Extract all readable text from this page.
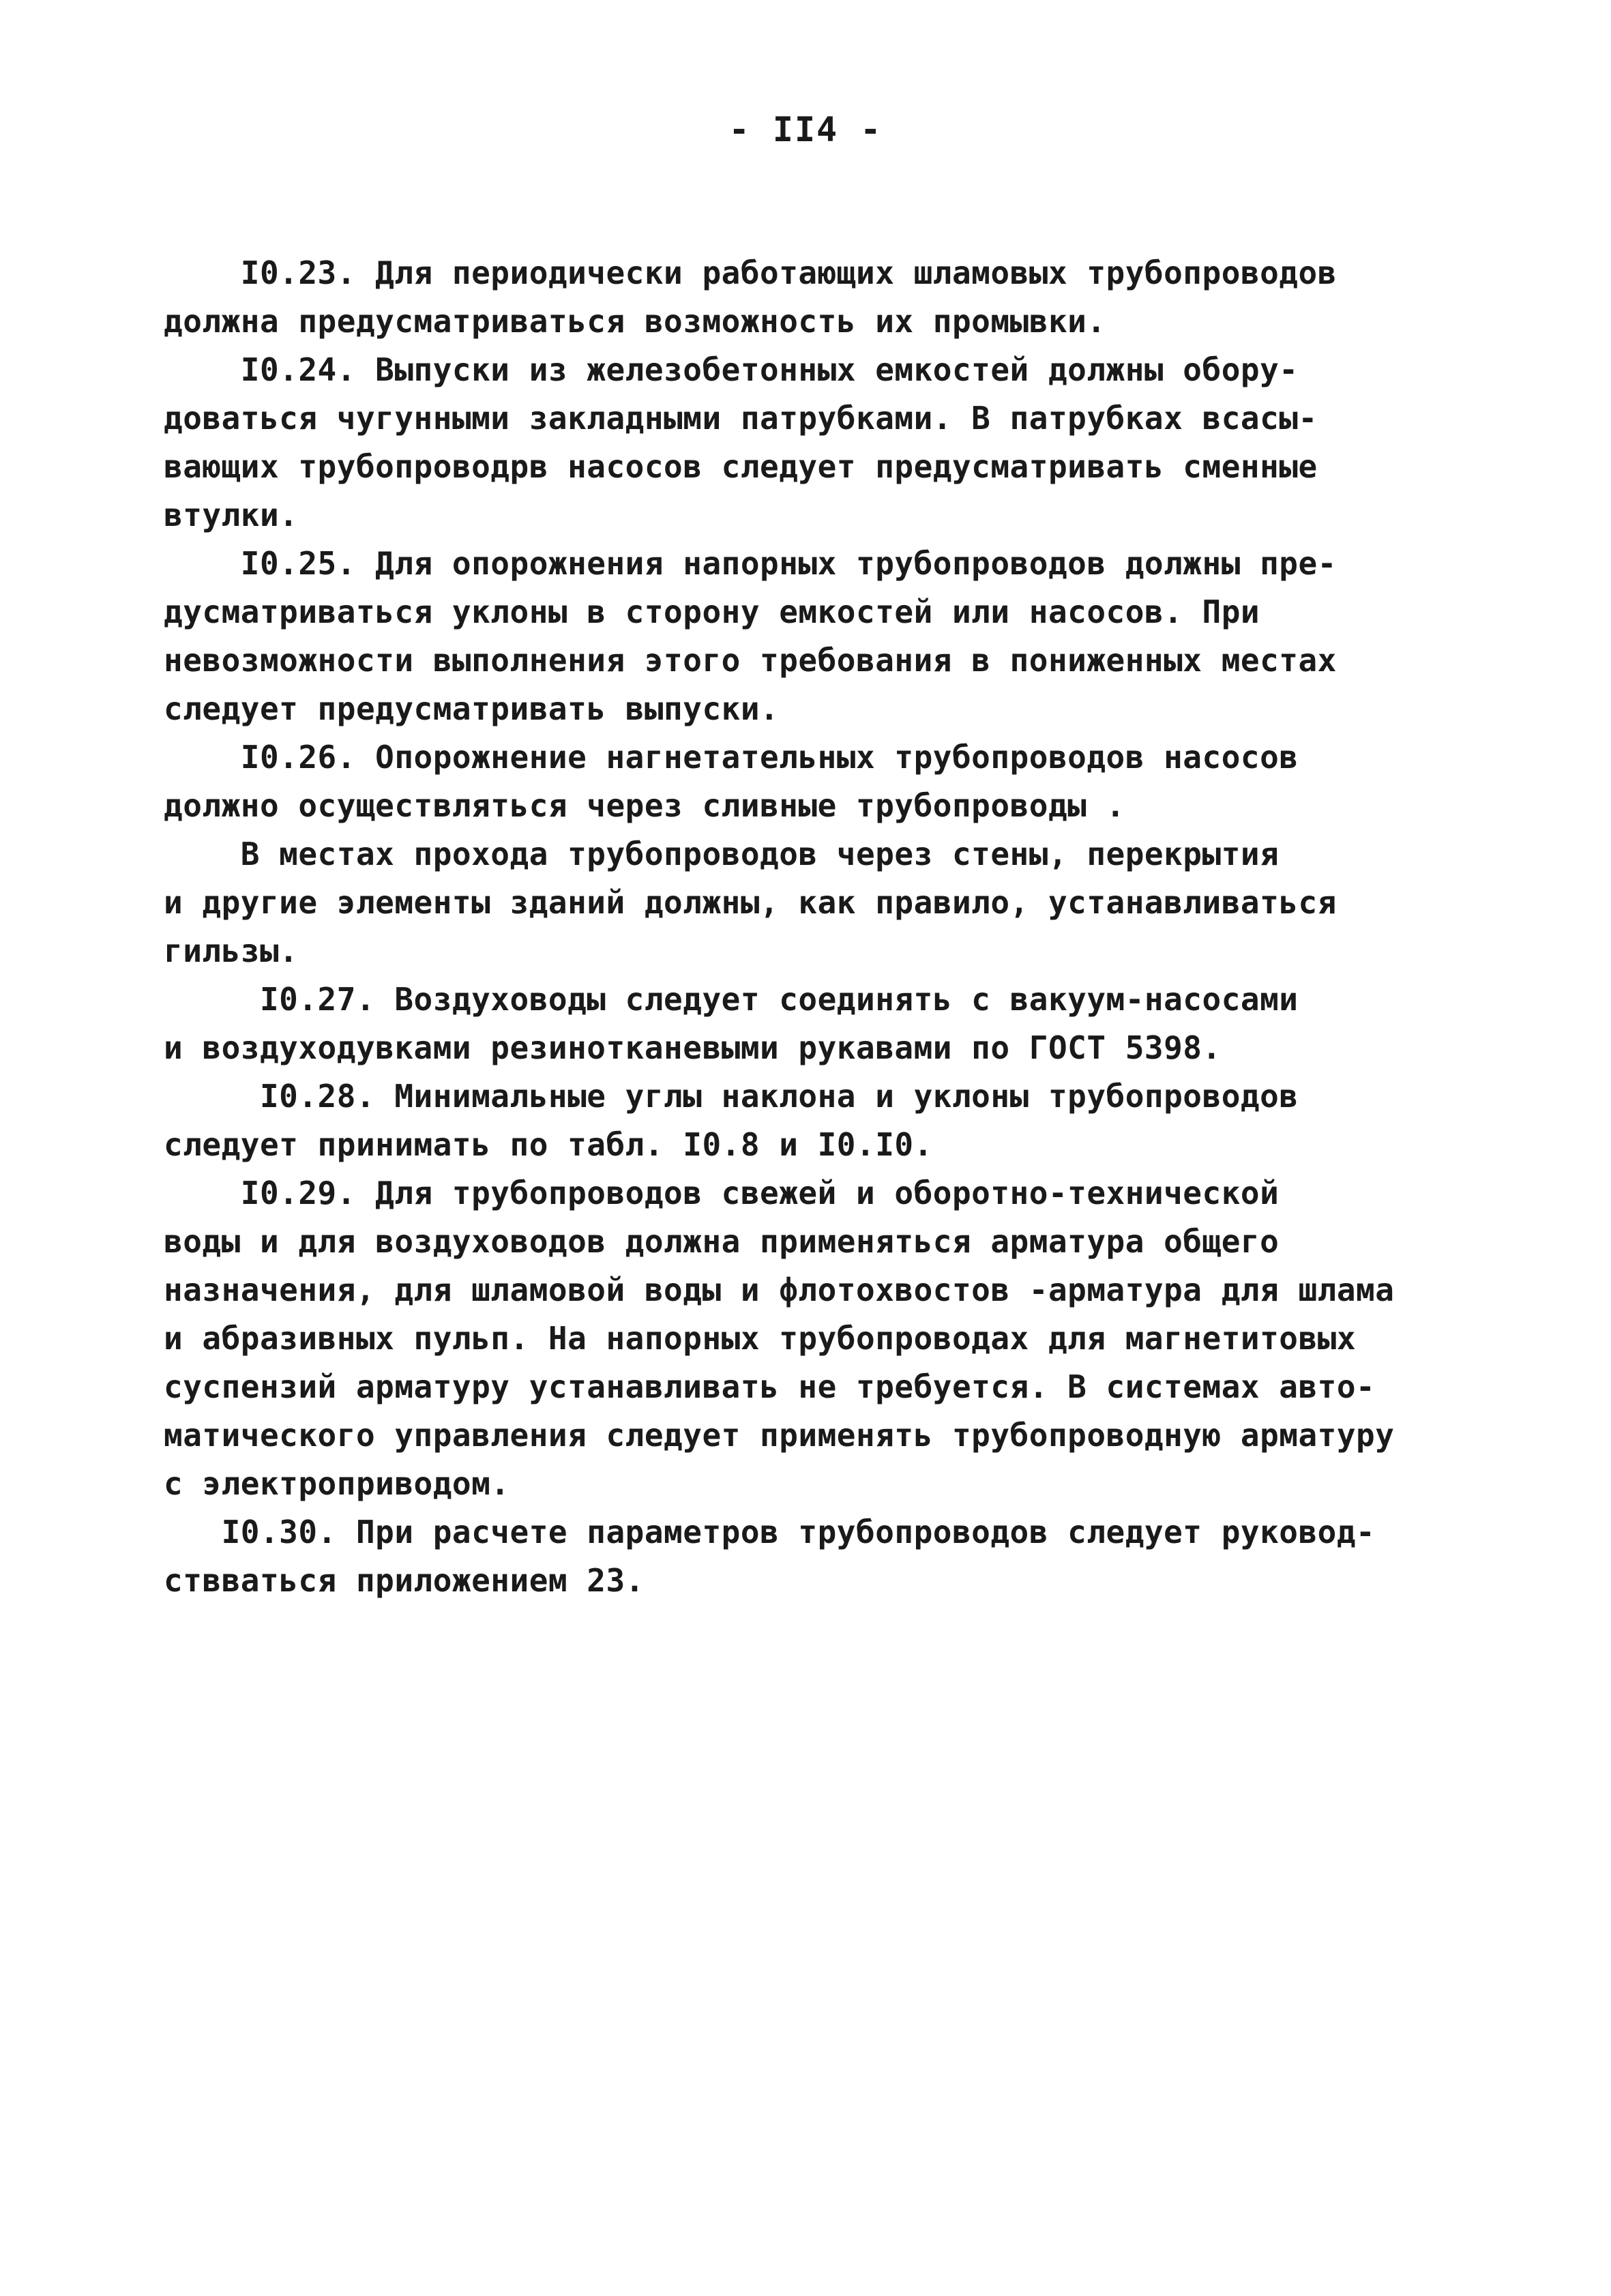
- II4 -
I0.23. Для периодически работающих шламовых трубопроводов
должна предусматриваться возможность их промывки.
I0.24. Выпуски из железобетонных емкостей должны обору-
доваться чугунными закладными патрубками. В патрубках всасы-
вающих трубопроводрв насосов следует предусматривать сменные
втулки.
I0.25. Для опорожнения напорных трубопроводов должны пре-
дусматриваться уклоны в сторону емкостей или насосов. При
невозможности выполнения этого требования в пониженных местах
следует предусматривать выпуски.
I0.26. Опорожнение нагнетательных трубопроводов насосов
должно осуществляться через сливные трубопроводы .
В местах прохода трубопроводов через стены, перекрытия
и другие элементы зданий должны, как правило, устанавливаться
гильзы.
I0.27. Воздуховоды следует соединять с вакуум-насосами
и воздуходувками резинотканевыми рукавами по ГОСТ 5398.
I0.28. Минимальные углы наклона и уклоны трубопроводов
следует принимать по табл. I0.8 и I0.I0.
I0.29. Для трубопроводов свежей и оборотно-технической
воды и для воздуховодов должна применяться арматура общего
назначения, для шламовой воды и флотохвостов -арматура для шлама
и абразивных пульп. На напорных трубопроводах для магнетитовых
суспензий арматуру устанавливать не требуется. В системах авто-
матического управления следует применять трубопроводную арматуру
с электроприводом.
I0.30. При расчете параметров трубопроводов следует руковод-
ствваться приложением 23.
